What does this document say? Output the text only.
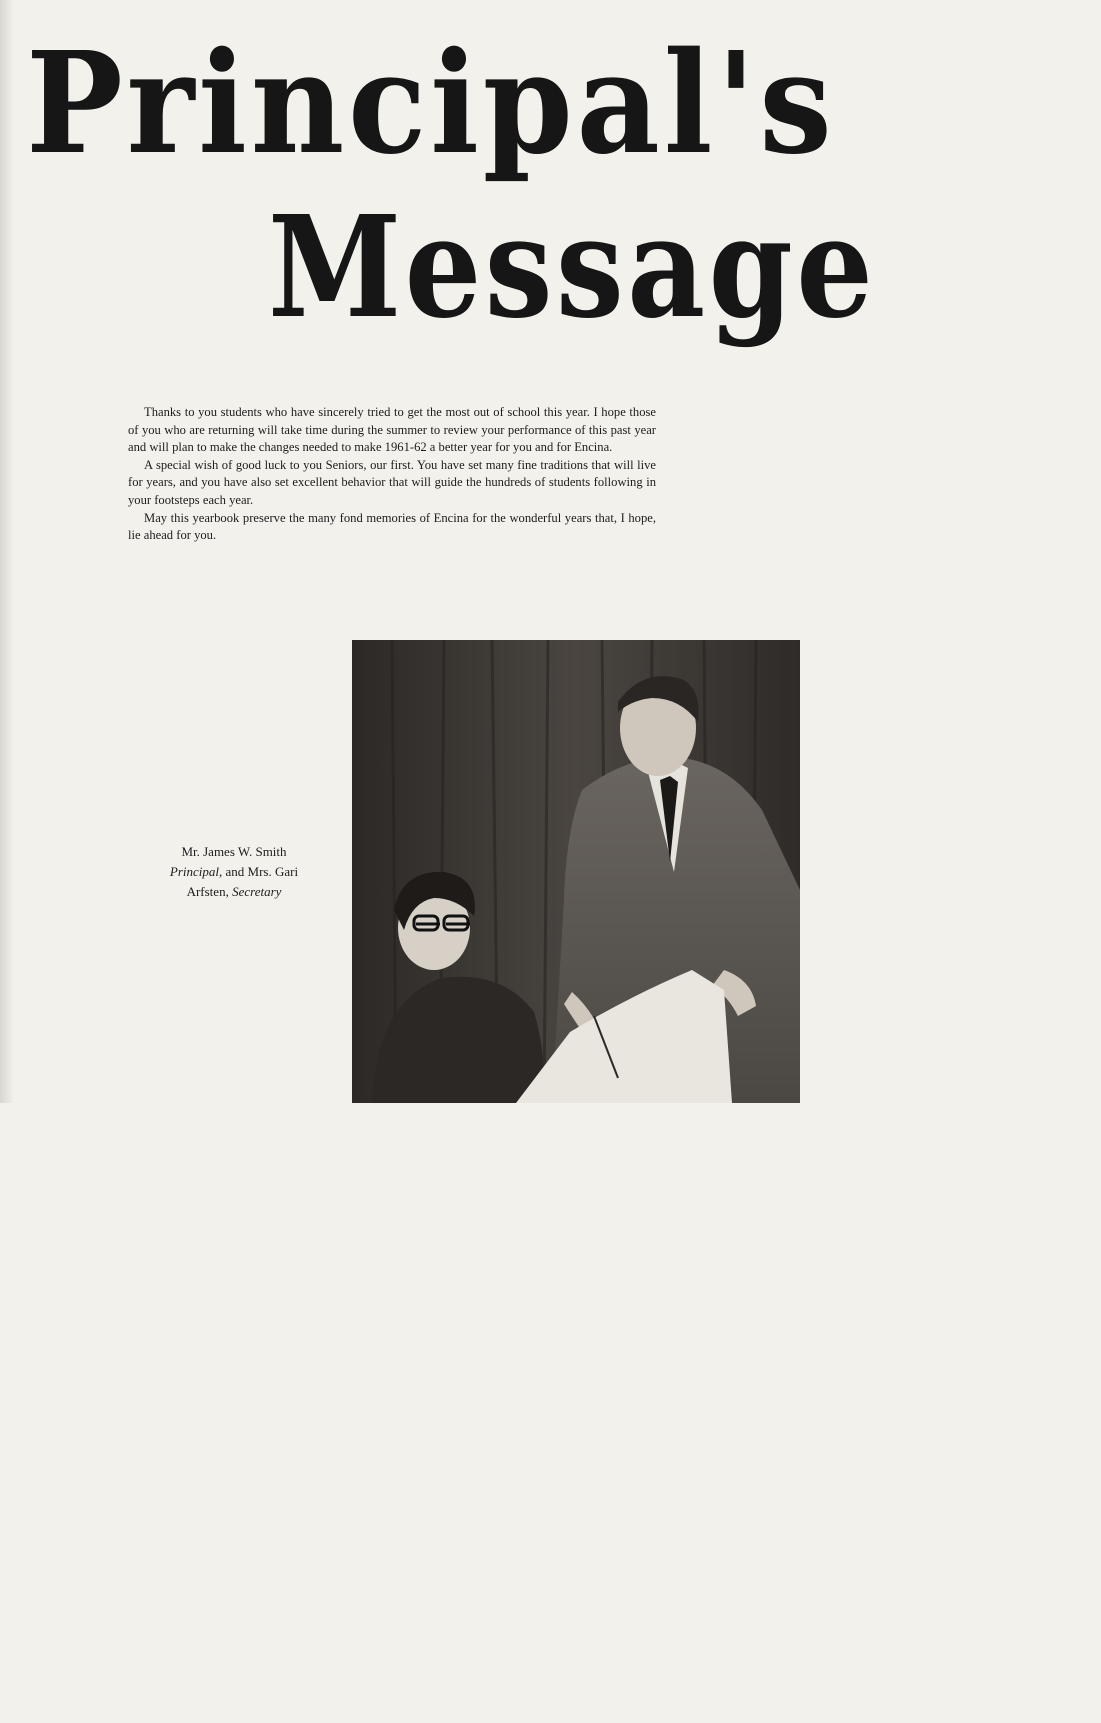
Principal's
Message

Thanks to you students who have sincerely tried to get the most out of school this year. I hope those of you who are returning will take time during the summer to review your performance of this past year and will plan to make the changes needed to make 1961-62 a better year for you and for Encina.

A special wish of good luck to you Seniors, our first. You have set many fine traditions that will live for years, and you have also set excellent behavior that will guide the hundreds of students following in your footsteps each year.

May this yearbook preserve the many fond memories of Encina for the wonderful years that, I hope, lie ahead for you.

Mr. James W. Smith
Principal, and Mrs. Gari Arfsten, Secretary
9
